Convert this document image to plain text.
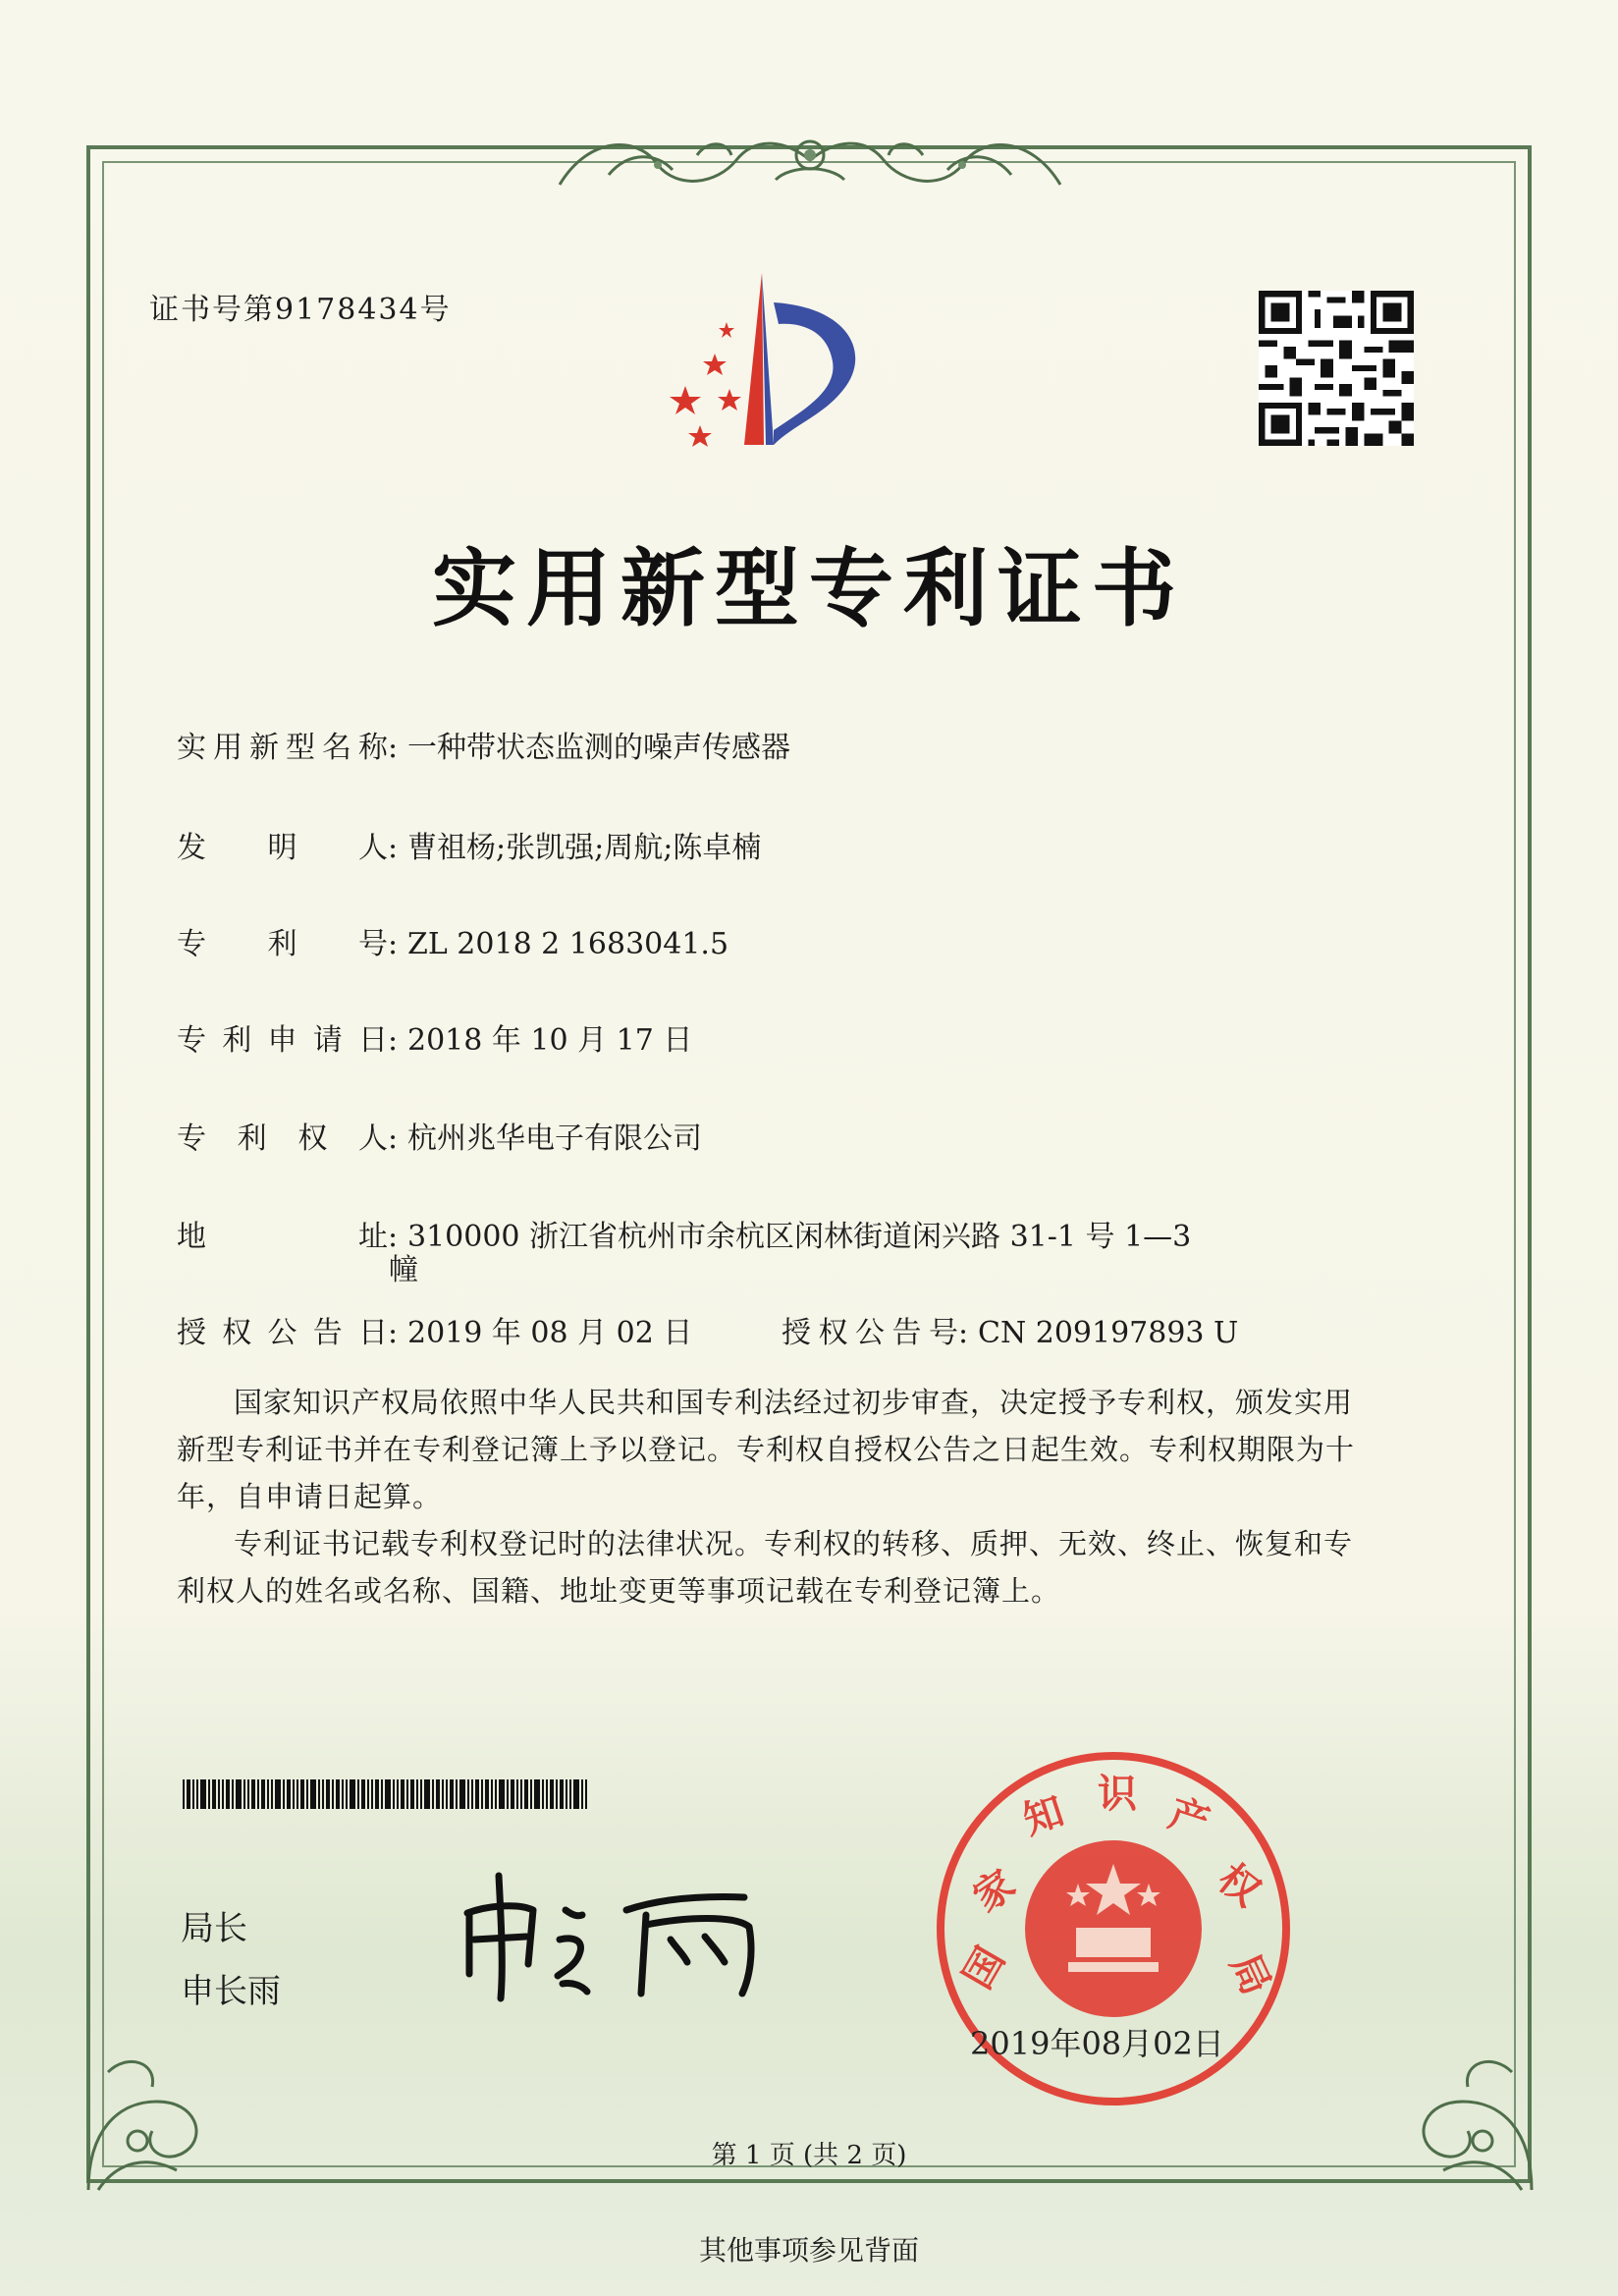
证书号第9178434号
实用新型专利证书
实用新型名称: 一种带状态监测的噪声传感器
发明人: 曹祖杨;张凯强;周航;陈卓楠
专利号: ZL 2018 2 1683041.5
专利申请日: 2018 年 10 月 17 日
专利权人: 杭州兆华电子有限公司
地址: 310000 浙江省杭州市余杭区闲林街道闲兴路 31-1 号 1—3
幢
授权公告日: 2019 年 08 月 02 日	授权公告号: CN 209197893 U
国家知识产权局依照中华人民共和国专利法经过初步审查，决定授予专利权，颁发实用新型专利证书并在专利登记簿上予以登记。专利权自授权公告之日起生效。专利权期限为十年，自申请日起算。
专利证书记载专利权登记时的法律状况。专利权的转移、质押、无效、终止、恢复和专利权人的姓名或名称、国籍、地址变更等事项记载在专利登记簿上。
局长
申长雨	国
家
知 识 产
权
局
2019年08月02日
第 1 页 (共 2 页)
其他事项参见背面
